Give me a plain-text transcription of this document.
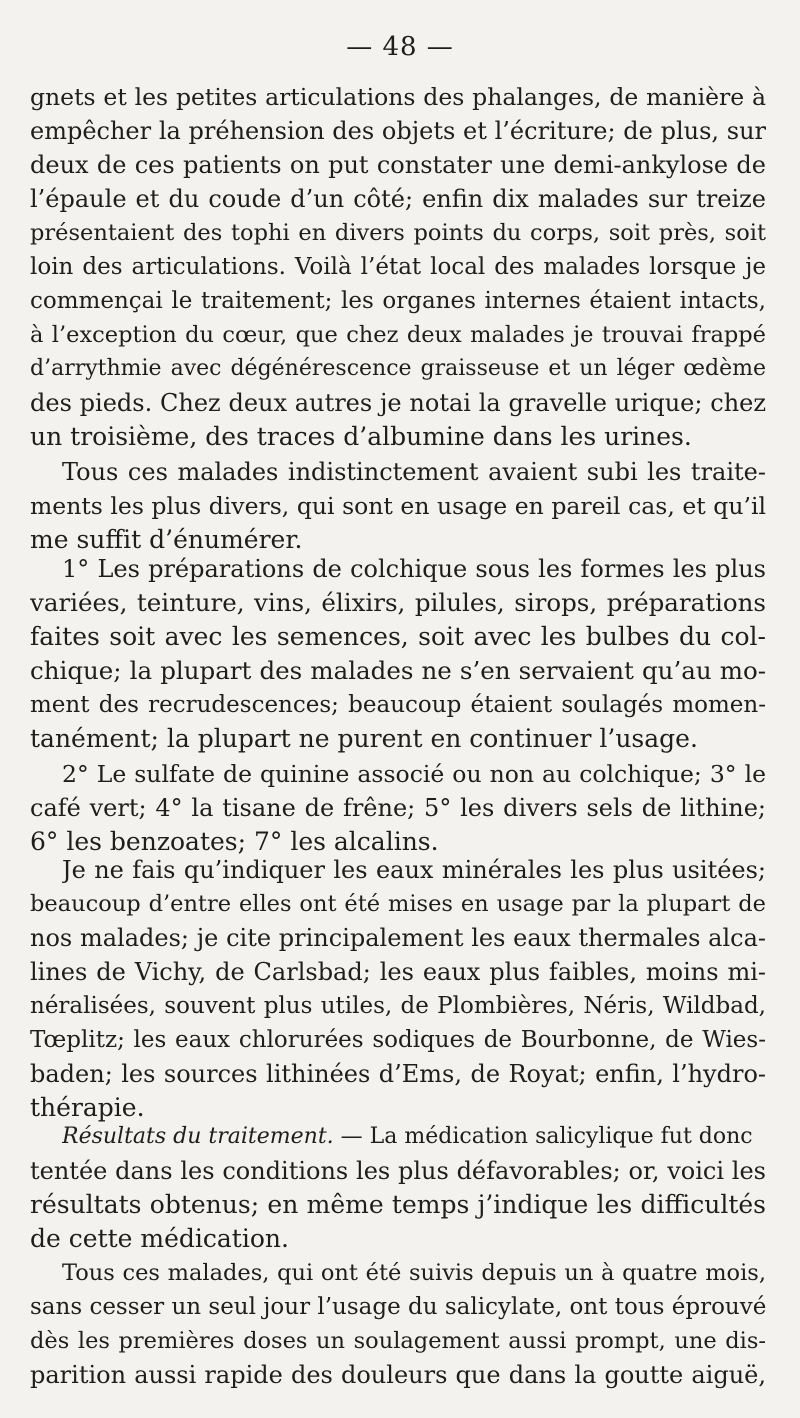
— 48 —
gnets et les petites articulations des phalanges, de manière à
empêcher la préhension des objets et l’écriture; de plus, sur
deux de ces patients on put constater une demi-ankylose de
l’épaule et du coude d’un côté; enfin dix malades sur treize
présentaient des tophi en divers points du corps, soit près, soit
loin des articulations. Voilà l’état local des malades lorsque je
commençai le traitement; les organes internes étaient intacts,
à l’exception du cœur, que chez deux malades je trouvai frappé
d’arrythmie avec dégénérescence graisseuse et un léger œdème
des pieds. Chez deux autres je notai la gravelle urique; chez
un troisième, des traces d’albumine dans les urines.
Tous ces malades indistinctement avaient subi les traite-
ments les plus divers, qui sont en usage en pareil cas, et qu’il
me suffit d’énumérer.
1° Les préparations de colchique sous les formes les plus
variées, teinture, vins, élixirs, pilules, sirops, préparations
faites soit avec les semences, soit avec les bulbes du col-
chique; la plupart des malades ne s’en servaient qu’au mo-
ment des recrudescences; beaucoup étaient soulagés momen-
tanément; la plupart ne purent en continuer l’usage.
2° Le sulfate de quinine associé ou non au colchique; 3° le
café vert; 4° la tisane de frêne; 5° les divers sels de lithine;
6° les benzoates; 7° les alcalins.
Je ne fais qu’indiquer les eaux minérales les plus usitées;
beaucoup d’entre elles ont été mises en usage par la plupart de
nos malades; je cite principalement les eaux thermales alca-
lines de Vichy, de Carlsbad; les eaux plus faibles, moins mi-
néralisées, souvent plus utiles, de Plombières, Néris, Wildbad,
Tœplitz; les eaux chlorurées sodiques de Bourbonne, de Wies-
baden; les sources lithinées d’Ems, de Royat; enfin, l’hydro-
thérapie.
Résultats du traitement. — La médication salicylique fut donc
tentée dans les conditions les plus défavorables; or, voici les
résultats obtenus; en même temps j’indique les difficultés
de cette médication.
Tous ces malades, qui ont été suivis depuis un à quatre mois,
sans cesser un seul jour l’usage du salicylate, ont tous éprouvé
dès les premières doses un soulagement aussi prompt, une dis-
parition aussi rapide des douleurs que dans la goutte aiguë,
